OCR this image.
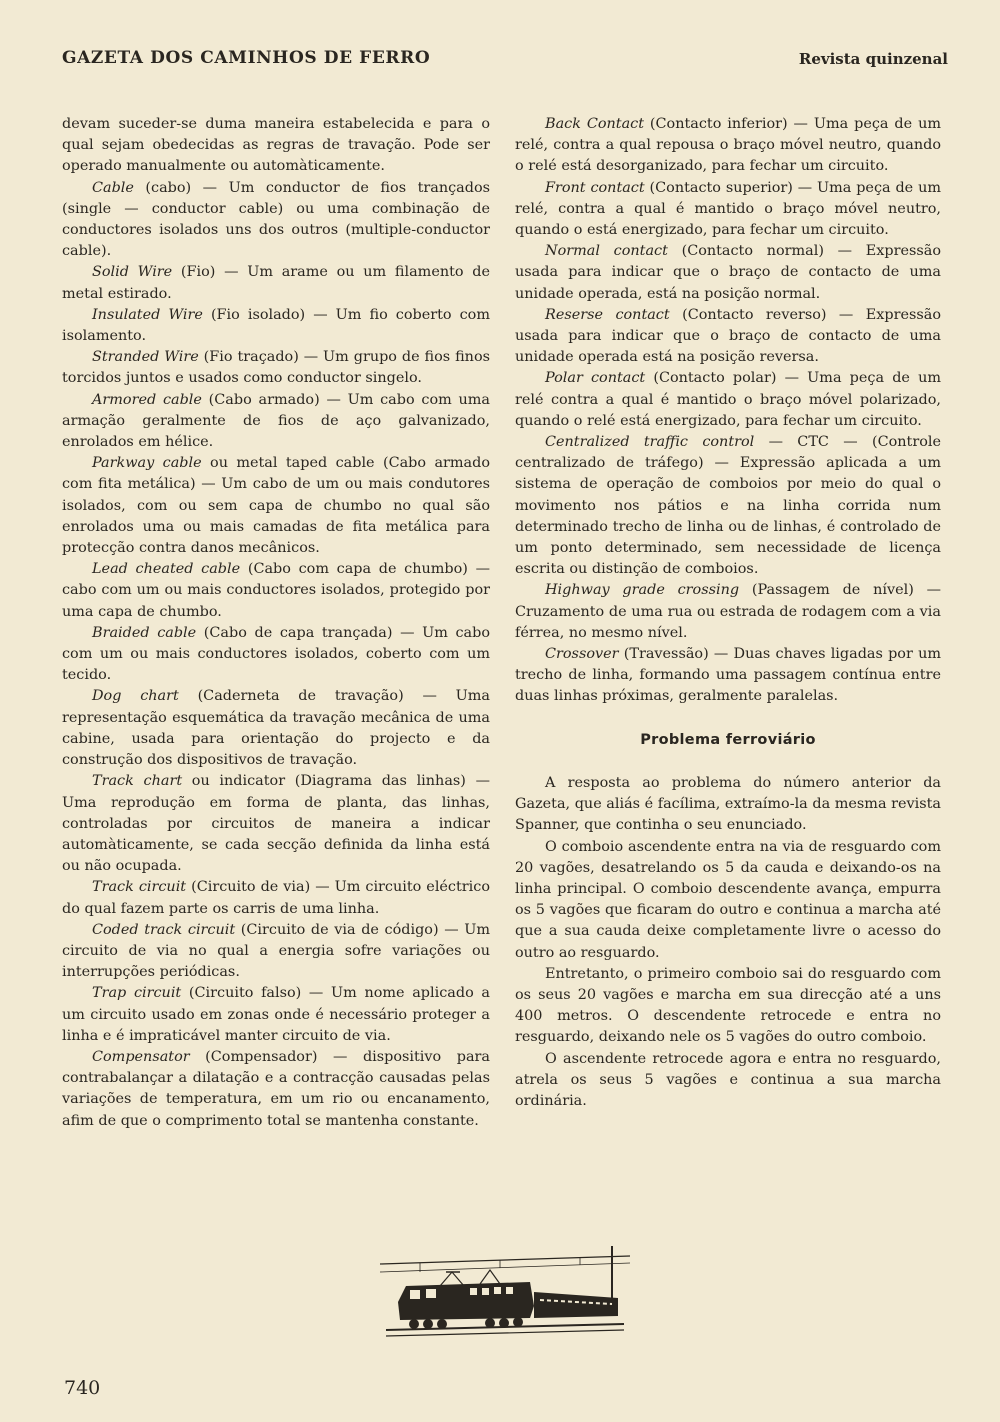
GAZETA DOS CAMINHOS DE FERRO	Revista quinzenal

devam suceder-se duma maneira estabelecida e para o qual sejam obedecidas as regras de travação. Pode ser operado manualmente ou automàticamente.

Cable (cabo) — Um conductor de fios trançados (single — conductor cable) ou uma combinação de conductores isolados uns dos outros (multiple-conductor cable).

Solid Wire (Fio) — Um arame ou um filamento de metal estirado.

Insulated Wire (Fio isolado) — Um fio coberto com isolamento.

Stranded Wire (Fio traçado) — Um grupo de fios finos torcidos juntos e usados como conductor singelo.

Armored cable (Cabo armado) — Um cabo com uma armação geralmente de fios de aço galvanizado, enrolados em hélice.

Parkway cable ou metal taped cable (Cabo armado com fita metálica) — Um cabo de um ou mais condutores isolados, com ou sem capa de chumbo no qual são enrolados uma ou mais camadas de fita metálica para protecção contra danos mecânicos.

Lead cheated cable (Cabo com capa de chumbo) — cabo com um ou mais conductores isolados, protegido por uma capa de chumbo.

Braided cable (Cabo de capa trançada) — Um cabo com um ou mais conductores isolados, coberto com um tecido.

Dog chart (Caderneta de travação) — Uma representação esquemática da travação mecânica de uma cabine, usada para orientação do projecto e da construção dos dispositivos de travação.

Track chart ou indicator (Diagrama das linhas) — Uma reprodução em forma de planta, das linhas, controladas por circuitos de maneira a indicar automàticamente, se cada secção definida da linha está ou não ocupada.

Track circuit (Circuito de via) — Um circuito eléctrico do qual fazem parte os carris de uma linha.

Coded track circuit (Circuito de via de código) — Um circuito de via no qual a energia sofre variações ou interrupções periódicas.

Trap circuit (Circuito falso) — Um nome aplicado a um circuito usado em zonas onde é necessário proteger a linha e é impraticável manter circuito de via.

Compensator (Compensador) — dispositivo para contrabalançar a dilatação e a contracção causadas pelas variações de temperatura, em um rio ou encanamento, afim de que o comprimento total se mantenha constante.

Back Contact (Contacto inferior) — Uma peça de um relé, contra a qual repousa o braço móvel neutro, quando o relé está desorganizado, para fechar um circuito.

Front contact (Contacto superior) — Uma peça de um relé, contra a qual é mantido o braço móvel neutro, quando o está energizado, para fechar um circuito.

Normal contact (Contacto normal) — Expressão usada para indicar que o braço de contacto de uma unidade operada, está na posição normal.

Reserse contact (Contacto reverso) — Expressão usada para indicar que o braço de contacto de uma unidade operada está na posição reversa.

Polar contact (Contacto polar) — Uma peça de um relé contra a qual é mantido o braço móvel polarizado, quando o relé está energizado, para fechar um circuito.

Centralized traffic control — CTC — (Controle centralizado de tráfego) — Expressão aplicada a um sistema de operação de comboios por meio do qual o movimento nos pátios e na linha corrida num determinado trecho de linha ou de linhas, é controlado de um ponto determinado, sem necessidade de licença escrita ou distinção de comboios.

Highway grade crossing (Passagem de nível) — Cruzamento de uma rua ou estrada de rodagem com a via férrea, no mesmo nível.

Crossover (Travessão) — Duas chaves ligadas por um trecho de linha, formando uma passagem contínua entre duas linhas próximas, geralmente paralelas.

Problema ferroviário

A resposta ao problema do número anterior da Gazeta, que aliás é facílima, extraímo-la da mesma revista Spanner, que continha o seu enunciado.

O comboio ascendente entra na via de resguardo com 20 vagões, desatrelando os 5 da cauda e deixando-os na linha principal. O comboio descendente avança, empurra os 5 vagões que ficaram do outro e continua a marcha até que a sua cauda deixe completamente livre o acesso do outro ao resguardo.

Entretanto, o primeiro comboio sai do resguardo com os seus 20 vagões e marcha em sua direcção até a uns 400 metros. O descendente retrocede e entra no resguardo, deixando nele os 5 vagões do outro comboio.

O ascendente retrocede agora e entra no resguardo, atrela os seus 5 vagões e continua a sua marcha ordinária.

740
